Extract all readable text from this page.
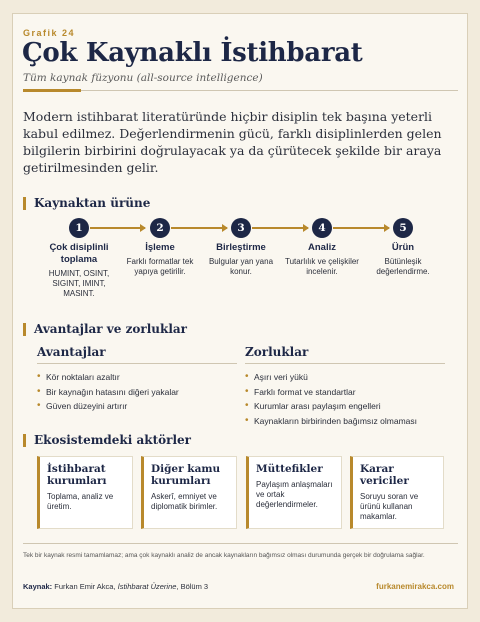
Grafik 24
Çok Kaynaklı İstihbarat
Tüm kaynak füzyonu (all-source intelligence)

Modern istihbarat literatüründe hiçbir disiplin tek başına yeterli kabul edilmez. Değerlendirmenin gücü, farklı disiplinlerden gelen bilgilerin birbirini doğrulayacak ya da çürütecek şekilde bir araya getirilmesinden gelir.

Kaynaktan ürüne
1
Çok disiplinli toplama
HUMINT, OSINT, SIGINT, IMINT, MASINT.
2
İşleme
Farklı formatlar tek yapıya getirilir.
3
Birleştirme
Bulgular yan yana konur.
4
Analiz
Tutarlılık ve çelişkiler incelenir.
5
Ürün
Bütünleşik değerlendirme.
Avantajlar ve zorluklar
Avantajlar
• Kör noktaları azaltır
• Bir kaynağın hatasını diğeri yakalar
• Güven düzeyini artırır
Zorluklar
• Aşırı veri yükü
• Farklı format ve standartlar
• Kurumlar arası paylaşım engelleri
• Kaynakların birbirinden bağımsız olmaması
Ekosistemdeki aktörler
İstihbarat kurumları
Toplama, analiz ve üretim.
Diğer kamu kurumları
Askerî, emniyet ve diplomatik birimler.
Müttefikler
Paylaşım anlaşmaları ve ortak değerlendirmeler.
Karar vericiler
Soruyu soran ve ürünü kullanan makamlar.

Tek bir kaynak resmi tamamlamaz; ama çok kaynaklı analiz de ancak kaynakların bağımsız olması durumunda gerçek bir doğrulama sağlar.

Kaynak: Furkan Emir Akca, İstihbarat Üzerine, Bölüm 3	furkanemirakca.com
